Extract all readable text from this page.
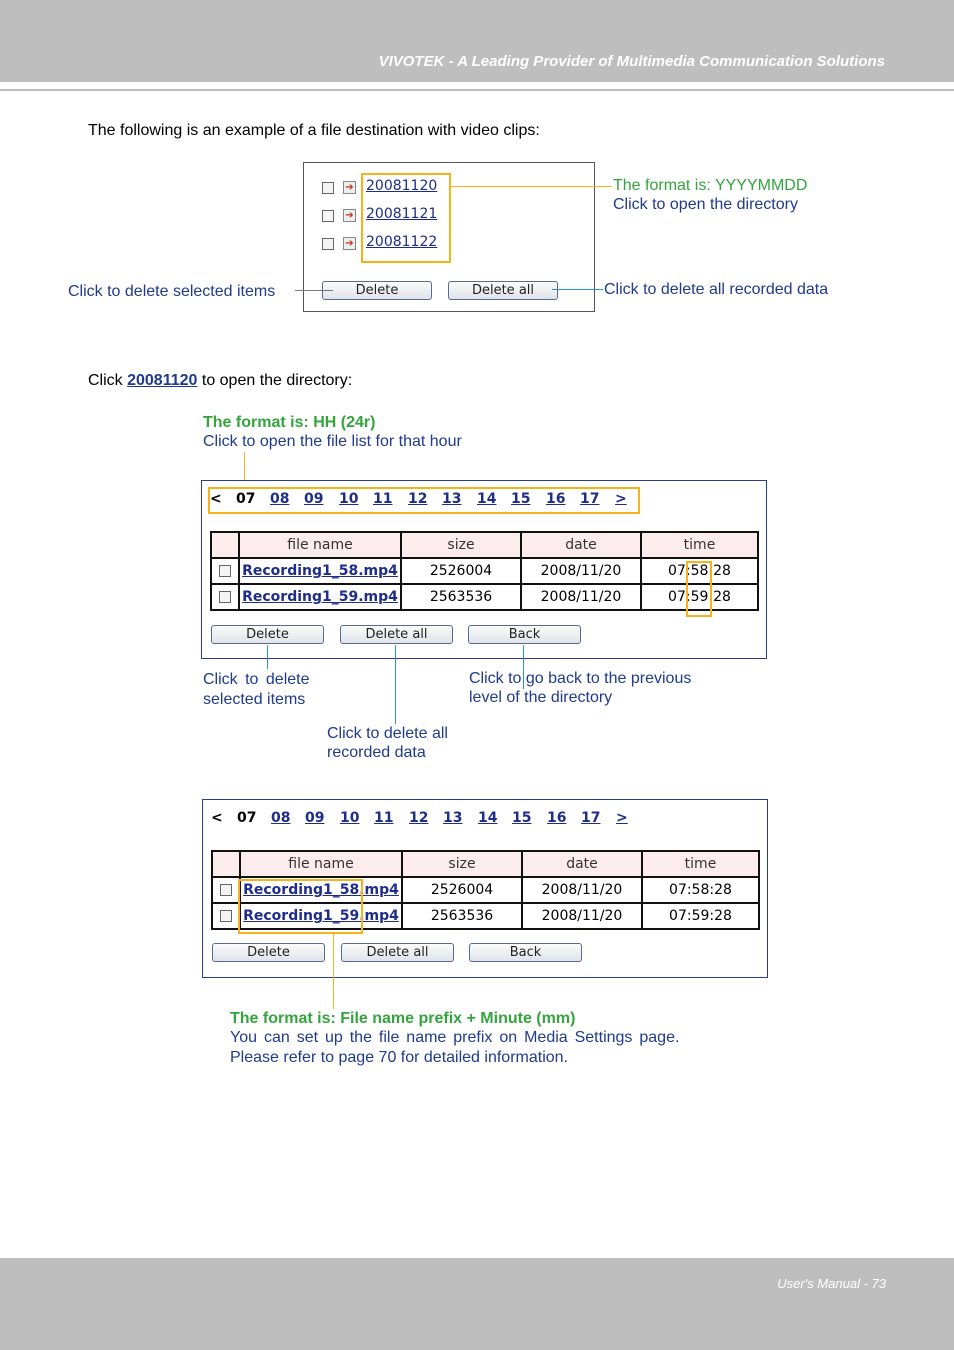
VIVOTEK - A Leading Provider of Multimedia Communication Solutions
User's Manual - 73
The following is an example of a file destination with video clips:
➔ 20081120
➔ 20081121
➔ 20081122
Delete	Delete all
The format is: YYYYMMDD
Click to open the directory
Click to delete selected items	Click to delete all recorded data
Click 20081120 to open the directory:
The format is: HH (24r)
Click to open the file list for that hour
< 07 08 09 10 11 12 13 14 15 16 17 >
	file name	size	date	time

	Recording1_58.mp4	2526004	2008/11/20	07:58:28

	Recording1_59.mp4	2563536	2008/11/20	07:59:28
Delete	Delete all	Back
Click to delete
selected items
Click to delete all
recorded data
Click to go back to the previous
level of the directory
< 07 08 09 10 11 12 13 14 15 16 17 >
	file name	size	date	time

	Recording1_58.mp4	2526004	2008/11/20	07:58:28

	Recording1_59.mp4	2563536	2008/11/20	07:59:28
Delete	Delete all	Back
The format is: File name prefix + Minute (mm)
You can set up the file name prefix on Media Settings page.
Please refer to page 70 for detailed information.
